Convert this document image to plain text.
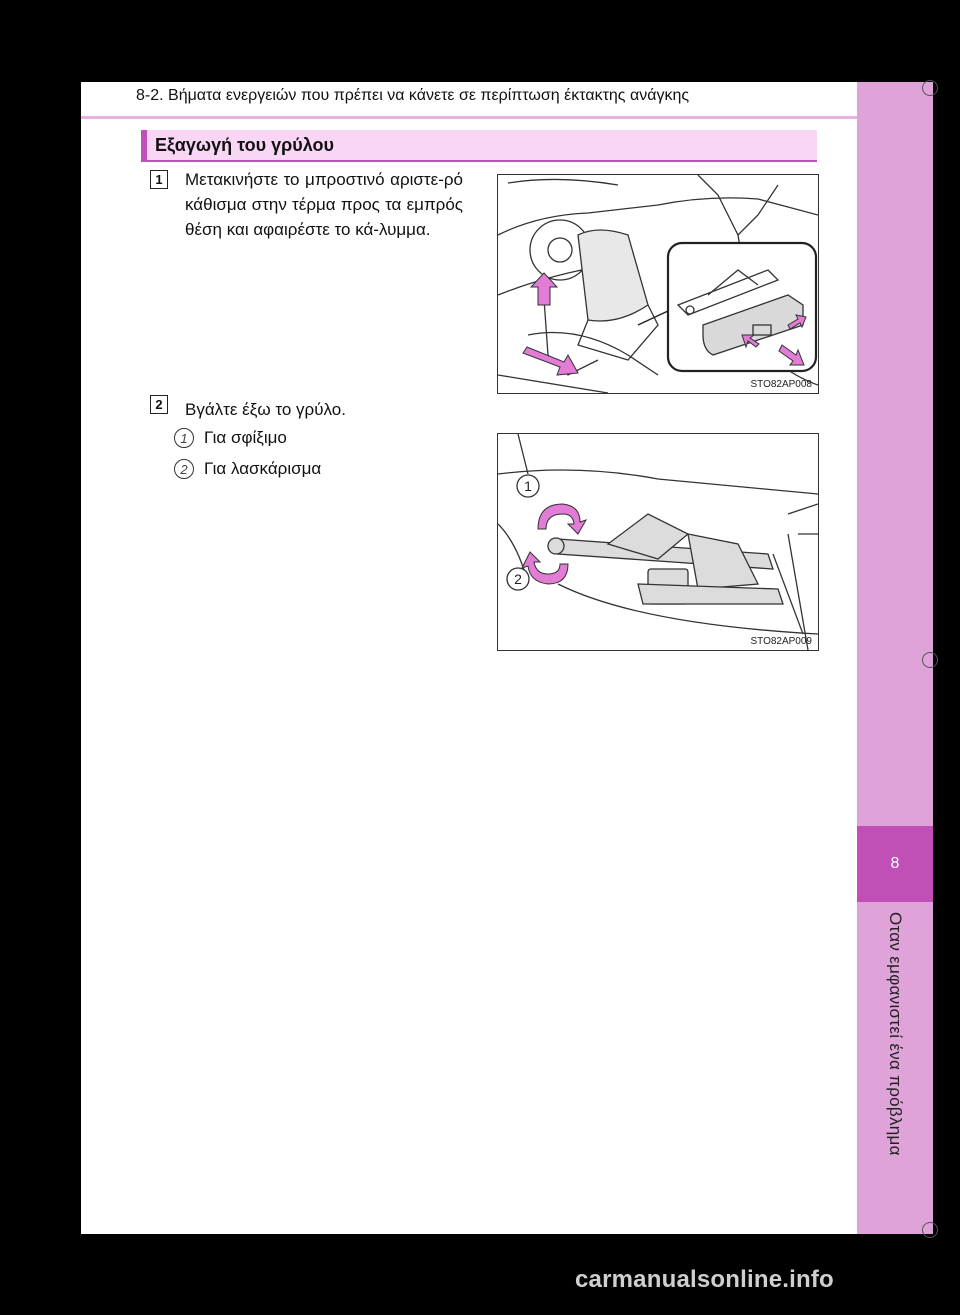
8-2. Βήματα ενεργειών που πρέπει να κάνετε σε περίπτωση έκτακτης ανάγκης
8
Οταν εμφανιστεί ένα πρόβλημα
Εξαγωγή του γρύλου
1	Μετακινήστε το μπροστινό αριστε-ρό κάθισμα στην τέρμα προς τα εμπρός θέση και αφαιρέστε το κά-λυμμα.
STO82AP008
2	Βγάλτε έξω το γρύλο.
1 Για σφίξιμο
2 Για λασκάρισμα
1
2
STO82AP009
carmanualsonline.info
